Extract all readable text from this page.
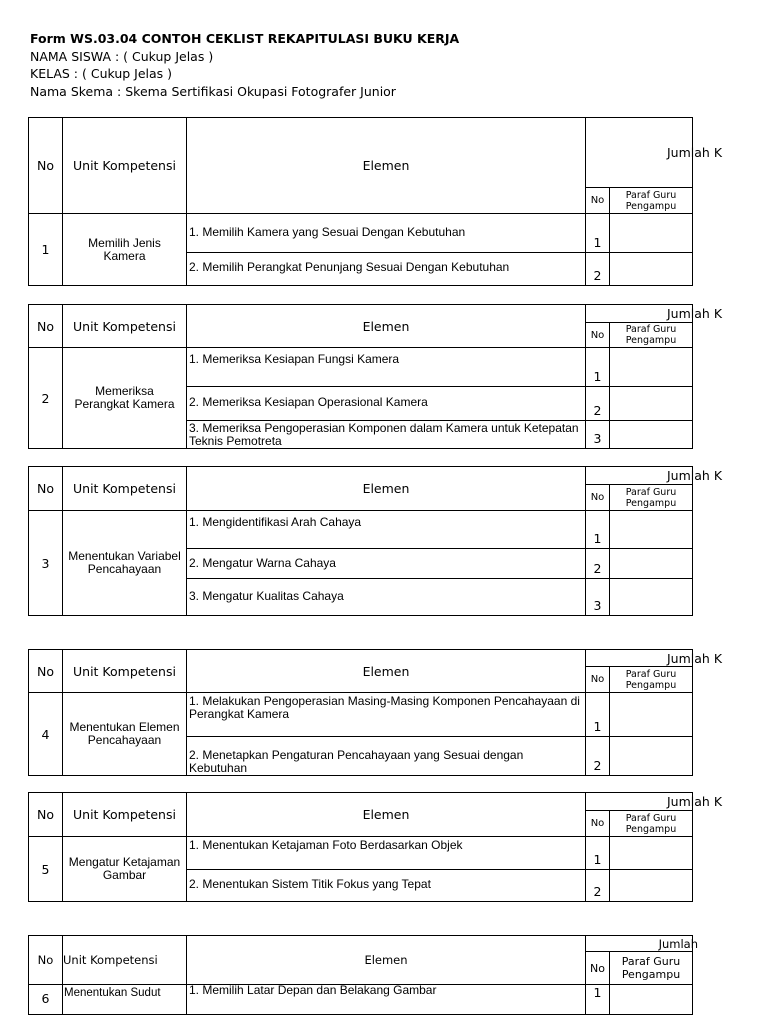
Form WS.03.04 CONTOH CEKLIST REKAPITULASI BUKU KERJA
NAMA SISWA : ( Cukup Jelas )
KELAS : ( Cukup Jelas )
Nama Skema : Skema Sertifikasi Okupasi Fotografer Junior
No	Unit Kompetensi	Elemen	Jumlah K	
			No	Paraf Guru Pengampu
1	Memilih Jenis Kamera	1. Memilih Kamera yang Sesuai Dengan Kebutuhan	1	
		2. Memilih Perangkat Penunjang Sesuai Dengan Kebutuhan	2	
No	Unit Kompetensi	Elemen	Jumlah K	
			No	Paraf Guru Pengampu
2	Memeriksa Perangkat Kamera	1. Memeriksa Kesiapan Fungsi Kamera	1	
		2. Memeriksa Kesiapan Operasional Kamera	2	
		3. Memeriksa Pengoperasian Komponen dalam Kamera untuk Ketepatan Teknis Pemotreta	3	
No	Unit Kompetensi	Elemen	Jumlah K	
			No	Paraf Guru Pengampu
3	Menentukan Variabel Pencahayaan	1. Mengidentifikasi Arah Cahaya	1	
		2. Mengatur Warna Cahaya	2	
		3. Mengatur Kualitas Cahaya	3	
No	Unit Kompetensi	Elemen	Jumlah K	
			No	Paraf Guru Pengampu
4	Menentukan Elemen Pencahayaan	1. Melakukan Pengoperasian Masing-Masing Komponen Pencahayaan di Perangkat Kamera	1	
		2. Menetapkan Pengaturan Pencahayaan yang Sesuai dengan Kebutuhan	2	
No	Unit Kompetensi	Elemen	Jumlah K	
			No	Paraf Guru Pengampu
5	Mengatur Ketajaman Gambar	1. Menentukan Ketajaman Foto Berdasarkan Objek	1	
		2. Menentukan Sistem Titik Fokus yang Tepat	2	
No	Unit Kompetensi	Elemen	Jumlah	
			No	Paraf Guru Pengampu
6	Menentukan Sudut	1. Memilih Latar Depan dan Belakang Gambar	1	
